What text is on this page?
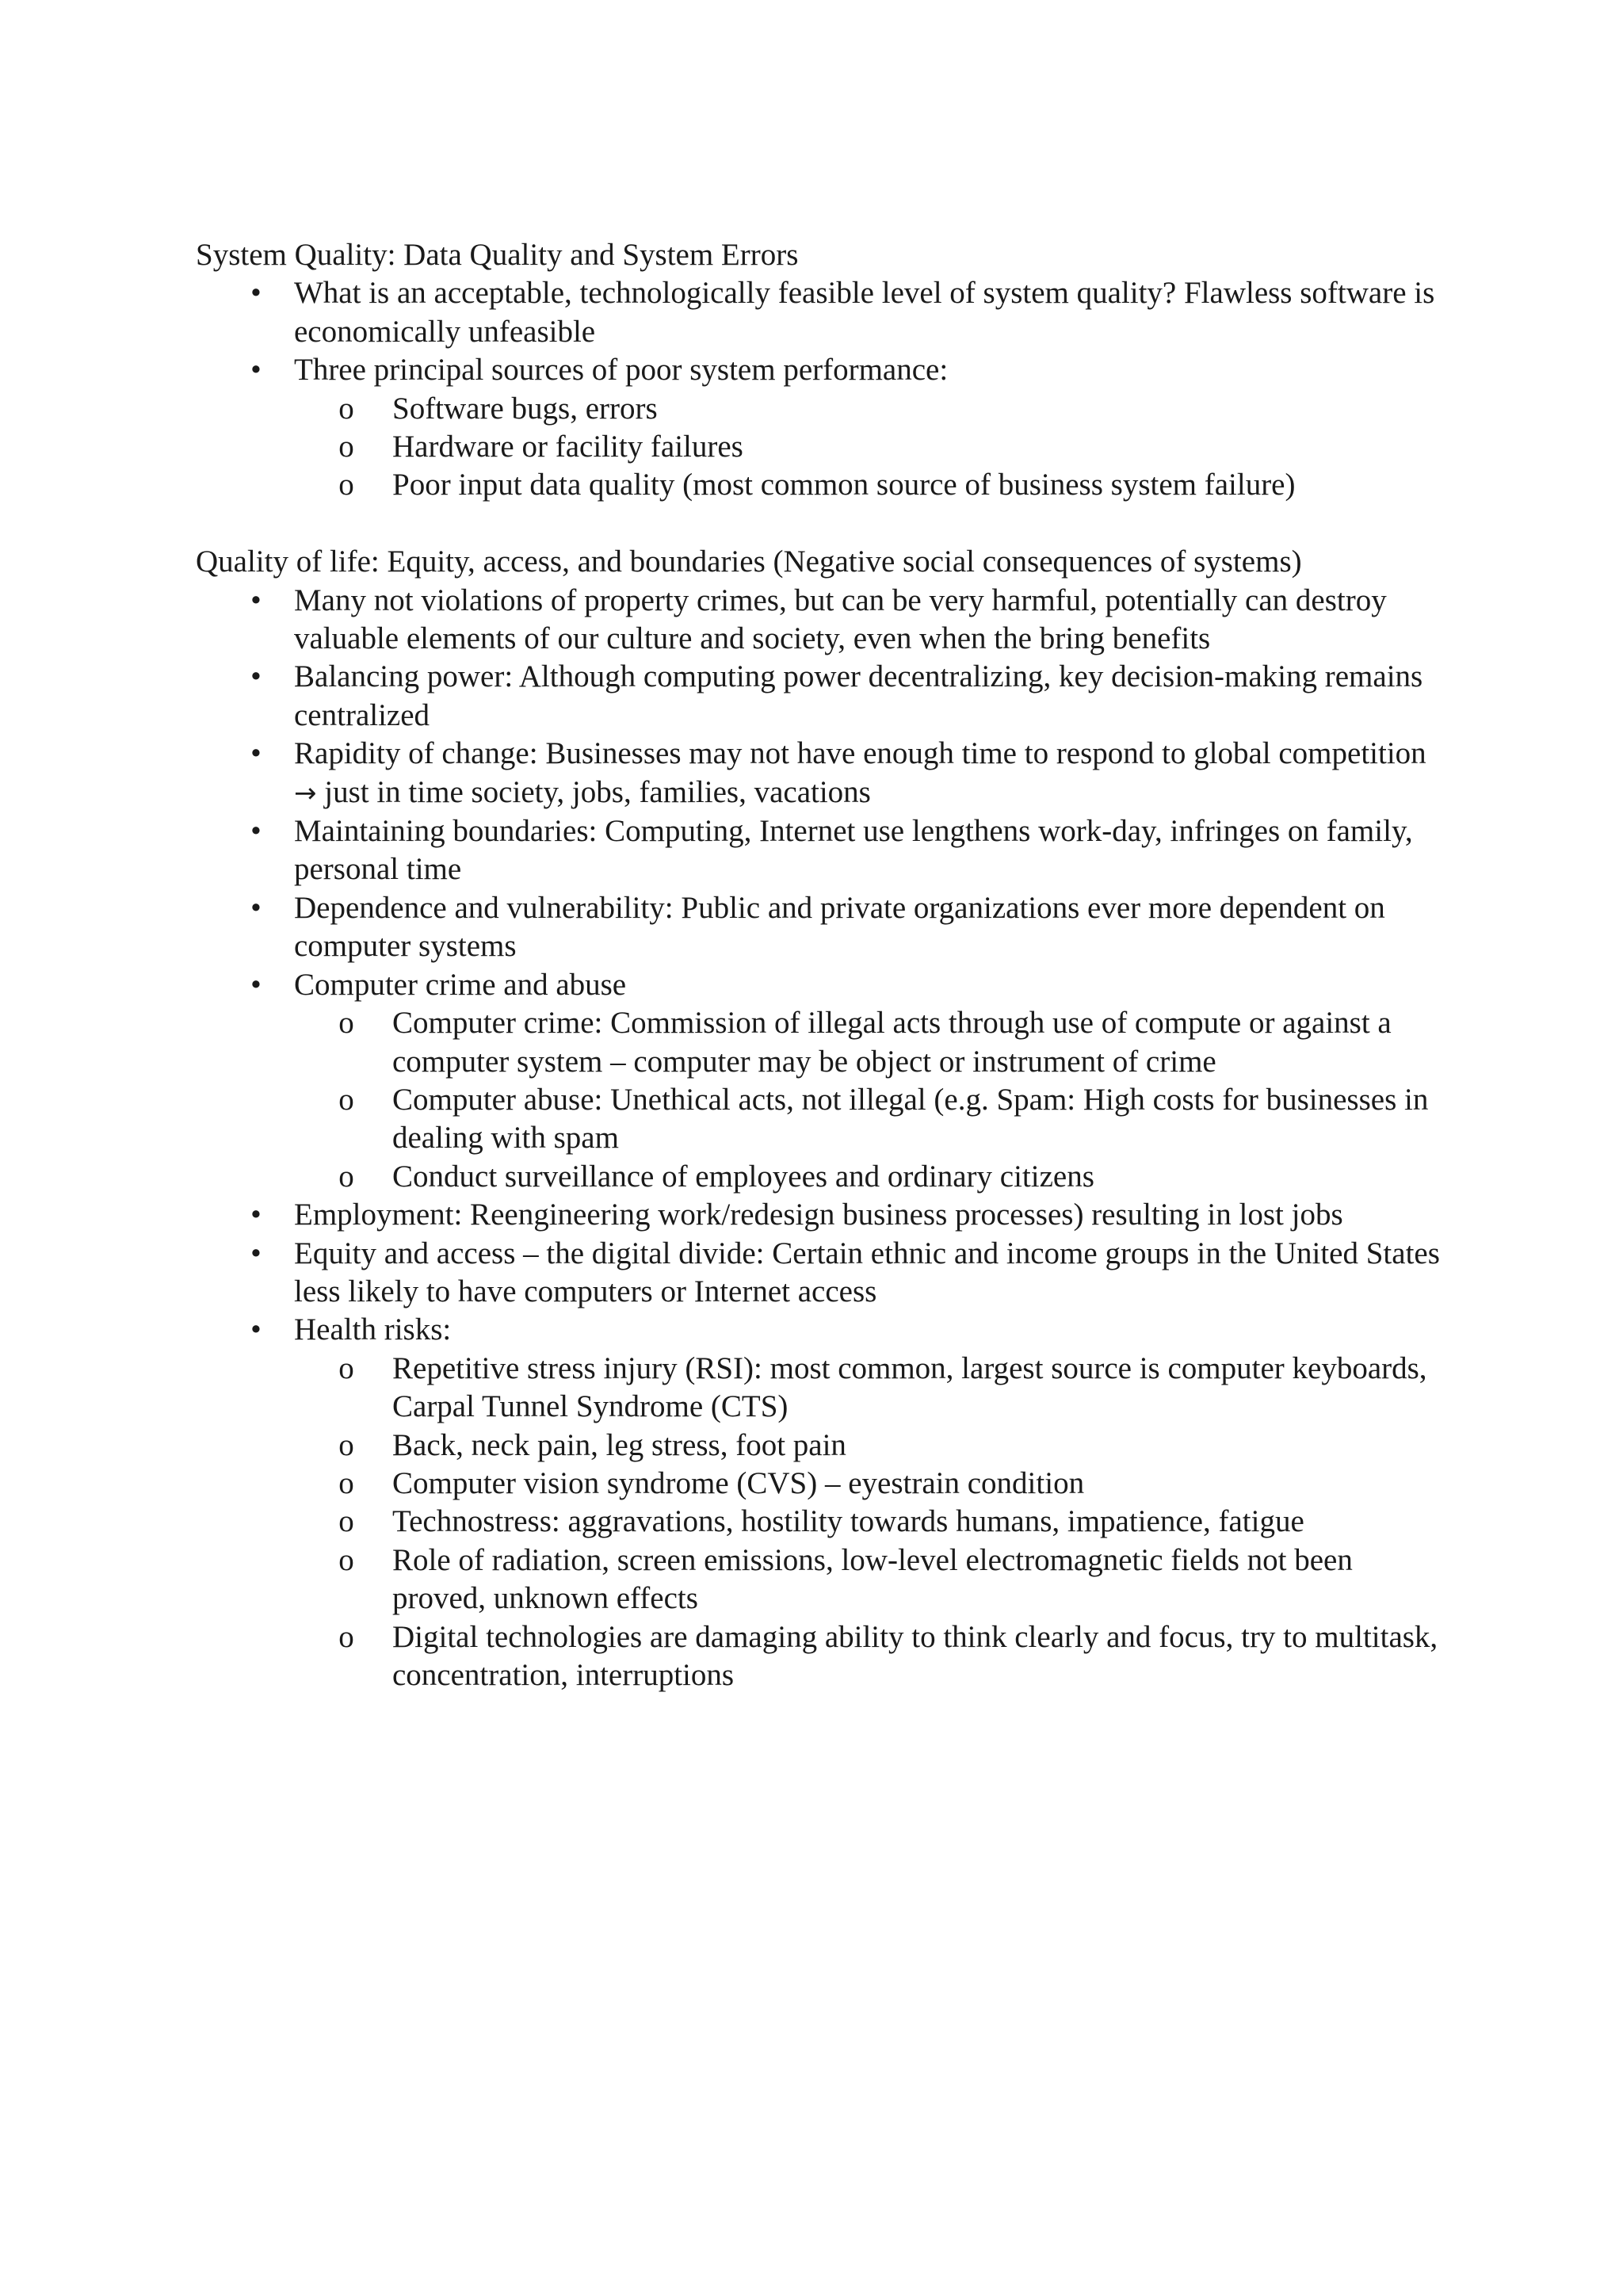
System Quality: Data Quality and System Errors

• What is an acceptable, technologically feasible level of system quality? Flawless software is economically unfeasible
• Three principal sources of poor system performance:
o Software bugs, errors
o Hardware or facility failures
o Poor input data quality (most common source of business system failure)

Quality of life: Equity, access, and boundaries (Negative social consequences of systems)

• Many not violations of property crimes, but can be very harmful, potentially can destroy valuable elements of our culture and society, even when the bring benefits
• Balancing power: Although computing power decentralizing, key decision-making remains centralized
• Rapidity of change: Businesses may not have enough time to respond to global competition → just in time society, jobs, families, vacations
• Maintaining boundaries: Computing, Internet use lengthens work-day, infringes on family, personal time
• Dependence and vulnerability: Public and private organizations ever more dependent on computer systems
• Computer crime and abuse
o Computer crime: Commission of illegal acts through use of compute or against a computer system – computer may be object or instrument of crime
o Computer abuse: Unethical acts, not illegal (e.g. Spam: High costs for businesses in dealing with spam
o Conduct surveillance of employees and ordinary citizens
• Employment: Reengineering work/redesign business processes) resulting in lost jobs
• Equity and access – the digital divide: Certain ethnic and income groups in the United States less likely to have computers or Internet access
• Health risks:
o Repetitive stress injury (RSI): most common, largest source is computer keyboards, Carpal Tunnel Syndrome (CTS)
o Back, neck pain, leg stress, foot pain
o Computer vision syndrome (CVS) – eyestrain condition
o Technostress: aggravations, hostility towards humans, impatience, fatigue
o Role of radiation, screen emissions, low-level electromagnetic fields not been proved, unknown effects
o Digital technologies are damaging ability to think clearly and focus, try to multitask, concentration, interruptions
